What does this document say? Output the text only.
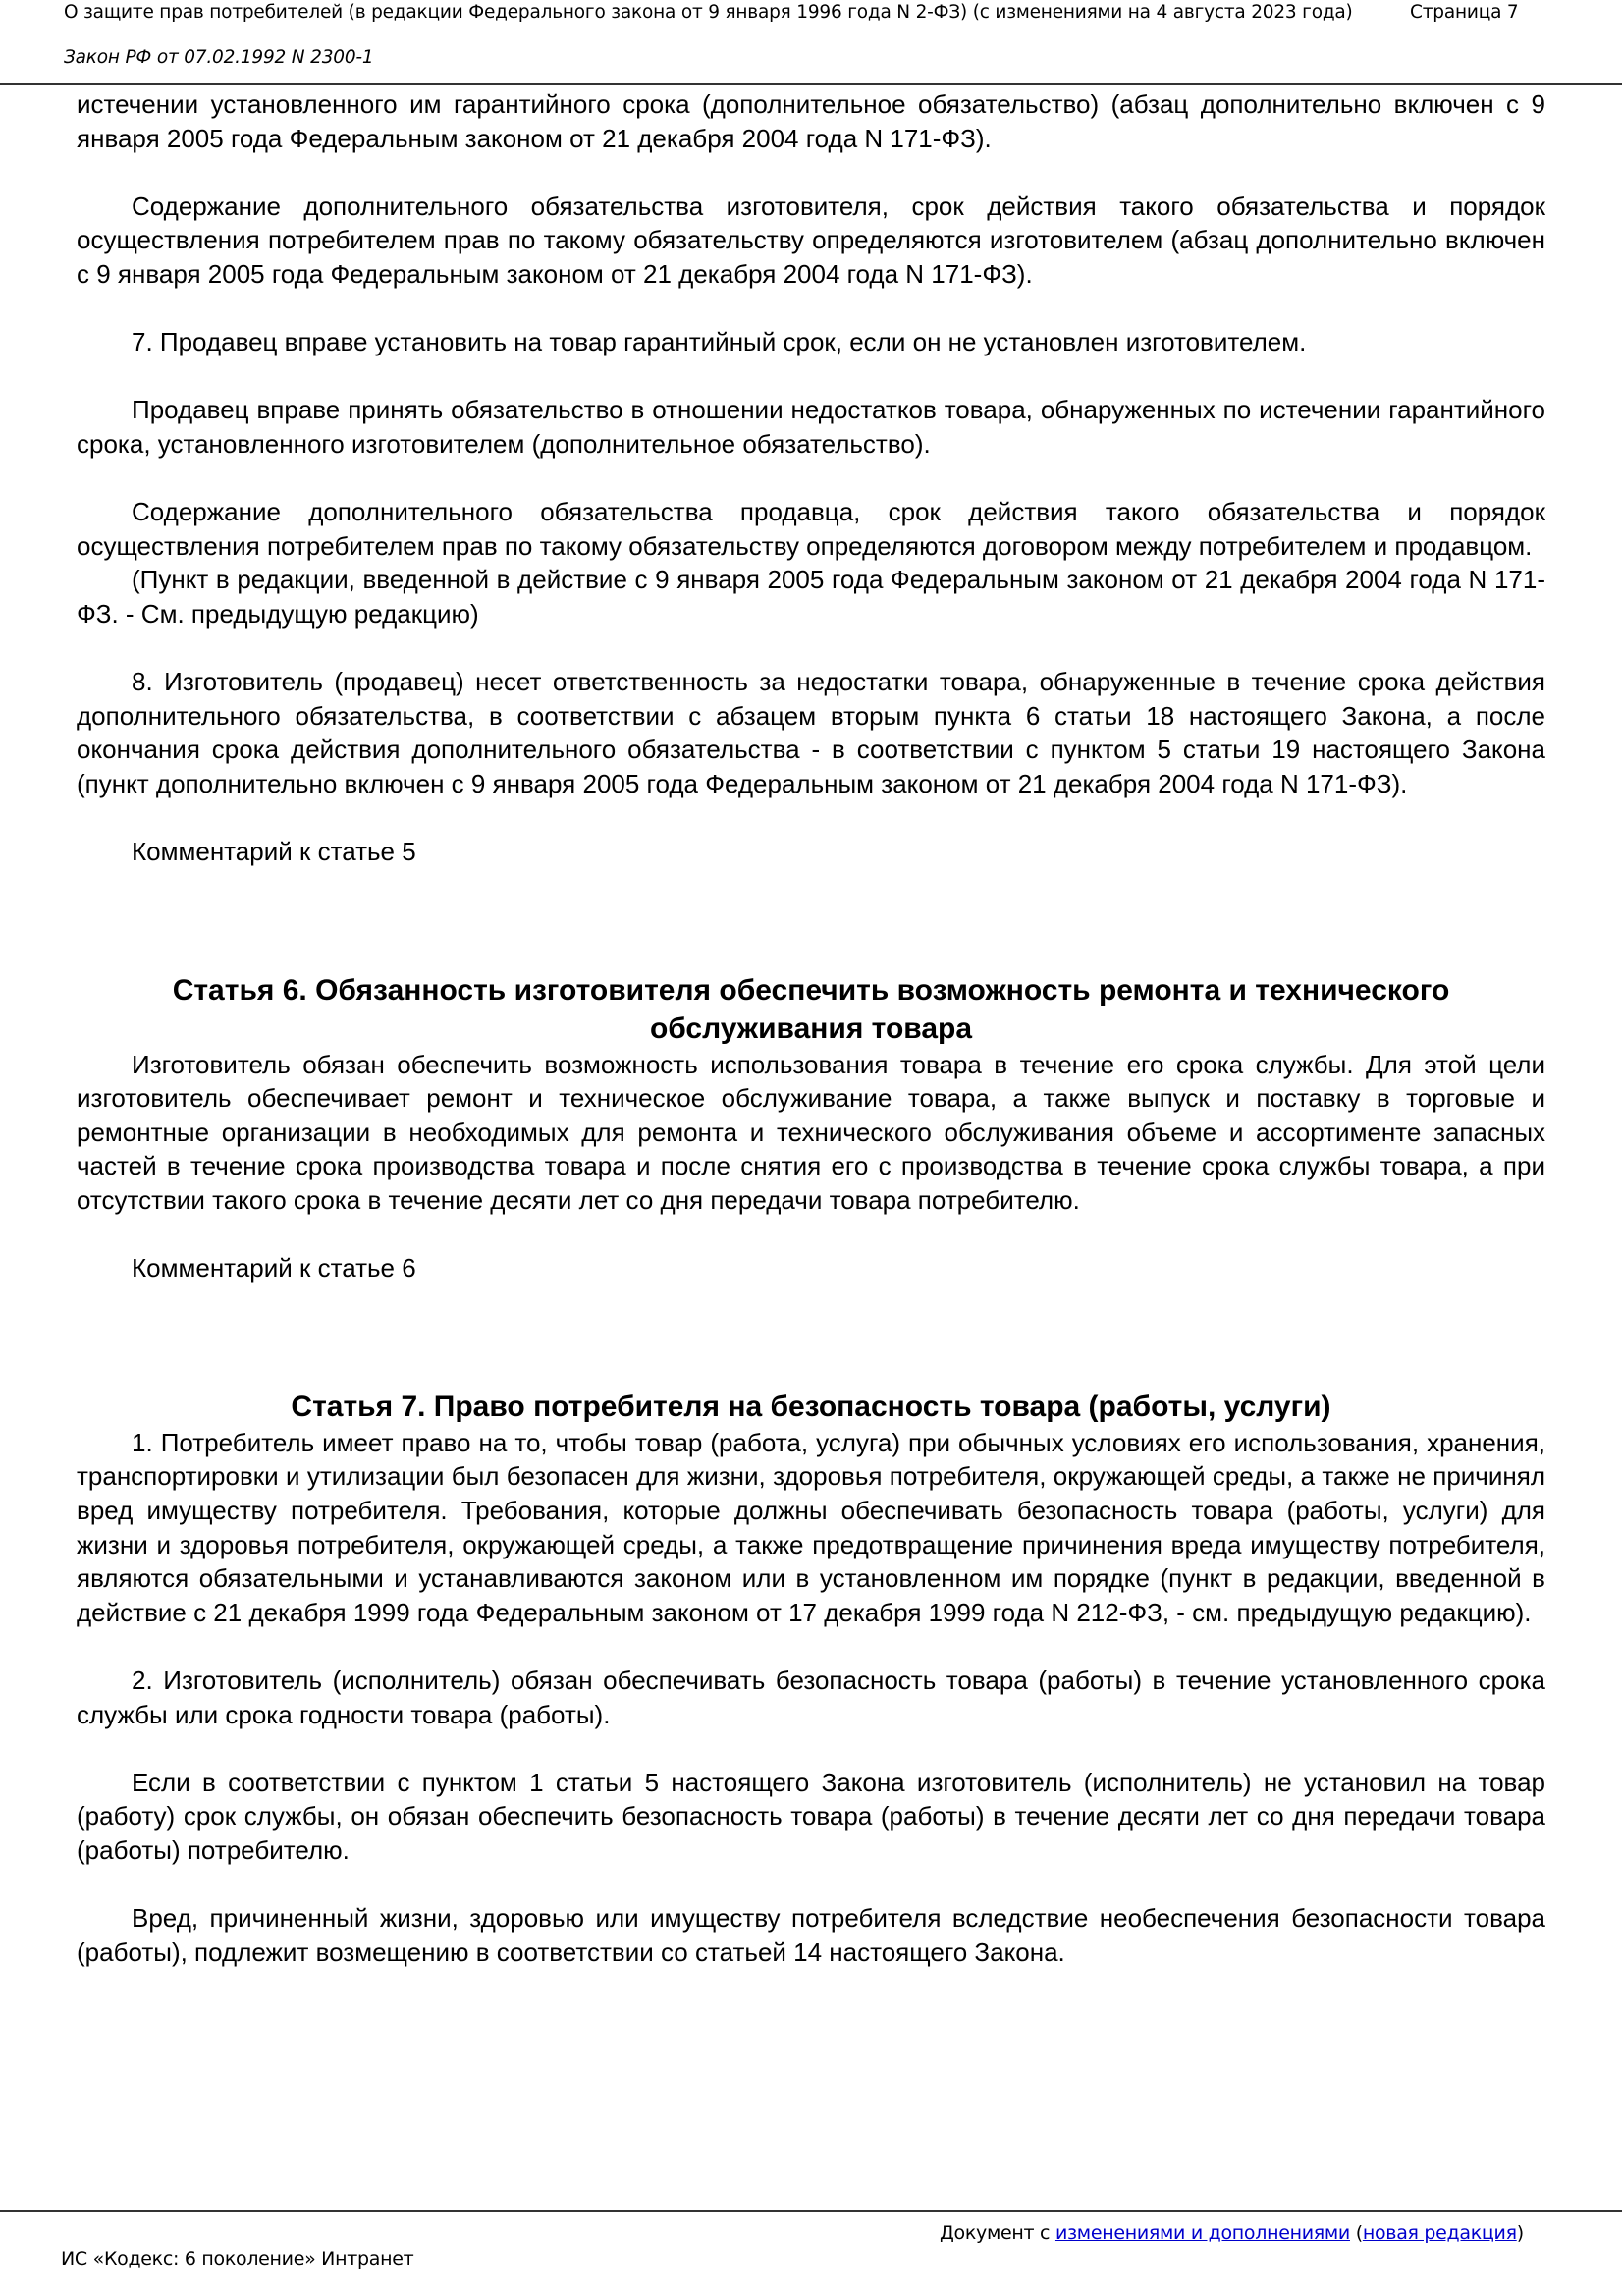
О защите прав потребителей (в редакции Федерального закона от 9 января 1996 года N 2-ФЗ) (с изменениями на 4 августа 2023 года)	Страница 7
Закон РФ от 07.02.1992 N 2300-1

истечении установленного им гарантийного срока (дополнительное обязательство) (абзац дополнительно включен с 9 января 2005 года Федеральным законом от 21 декабря 2004 года N 171-ФЗ).

Содержание дополнительного обязательства изготовителя, срок действия такого обязательства и порядок осуществления потребителем прав по такому обязательству определяются изготовителем (абзац дополнительно включен с 9 января 2005 года Федеральным законом от 21 декабря 2004 года N 171-ФЗ).

7. Продавец вправе установить на товар гарантийный срок, если он не установлен изготовителем.

Продавец вправе принять обязательство в отношении недостатков товара, обнаруженных по истечении гарантийного срока, установленного изготовителем (дополнительное обязательство).

Содержание дополнительного обязательства продавца, срок действия такого обязательства и порядок осуществления потребителем прав по такому обязательству определяются договором между потребителем и продавцом.

(Пункт в редакции, введенной в действие с 9 января 2005 года Федеральным законом от 21 декабря 2004 года N 171-ФЗ. - См. предыдущую редакцию)

8. Изготовитель (продавец) несет ответственность за недостатки товара, обнаруженные в течение срока действия дополнительного обязательства, в соответствии с абзацем вторым пункта 6 статьи 18 настоящего Закона, а после окончания срока действия дополнительного обязательства - в соответствии с пунктом 5 статьи 19 настоящего Закона (пункт дополнительно включен с 9 января 2005 года Федеральным законом от 21 декабря 2004 года N 171-ФЗ).

Комментарий к статье 5

Статья 6. Обязанность изготовителя обеспечить возможность ремонта и технического обслуживания товара

Изготовитель обязан обеспечить возможность использования товара в течение его срока службы. Для этой цели изготовитель обеспечивает ремонт и техническое обслуживание товара, а также выпуск и поставку в торговые и ремонтные организации в необходимых для ремонта и технического обслуживания объеме и ассортименте запасных частей в течение срока производства товара и после снятия его с производства в течение срока службы товара, а при отсутствии такого срока в течение десяти лет со дня передачи товара потребителю.

Комментарий к статье 6

Статья 7. Право потребителя на безопасность товара (работы, услуги)

1. Потребитель имеет право на то, чтобы товар (работа, услуга) при обычных условиях его использования, хранения, транспортировки и утилизации был безопасен для жизни, здоровья потребителя, окружающей среды, а также не причинял вред имуществу потребителя. Требования, которые должны обеспечивать безопасность товара (работы, услуги) для жизни и здоровья потребителя, окружающей среды, а также предотвращение причинения вреда имуществу потребителя, являются обязательными и устанавливаются законом или в установленном им порядке (пункт в редакции, введенной в действие с 21 декабря 1999 года Федеральным законом от 17 декабря 1999 года N 212-ФЗ, - см. предыдущую редакцию).

2. Изготовитель (исполнитель) обязан обеспечивать безопасность товара (работы) в течение установленного срока службы или срока годности товара (работы).

Если в соответствии с пунктом 1 статьи 5 настоящего Закона изготовитель (исполнитель) не установил на товар (работу) срок службы, он обязан обеспечить безопасность товара (работы) в течение десяти лет со дня передачи товара (работы) потребителю.

Вред, причиненный жизни, здоровью или имуществу потребителя вследствие необеспечения безопасности товара (работы), подлежит возмещению в соответствии со статьей 14 настоящего Закона.

Документ с изменениями и дополнениями (новая редакция)
ИС «Кодекс: 6 поколение» Интранет
